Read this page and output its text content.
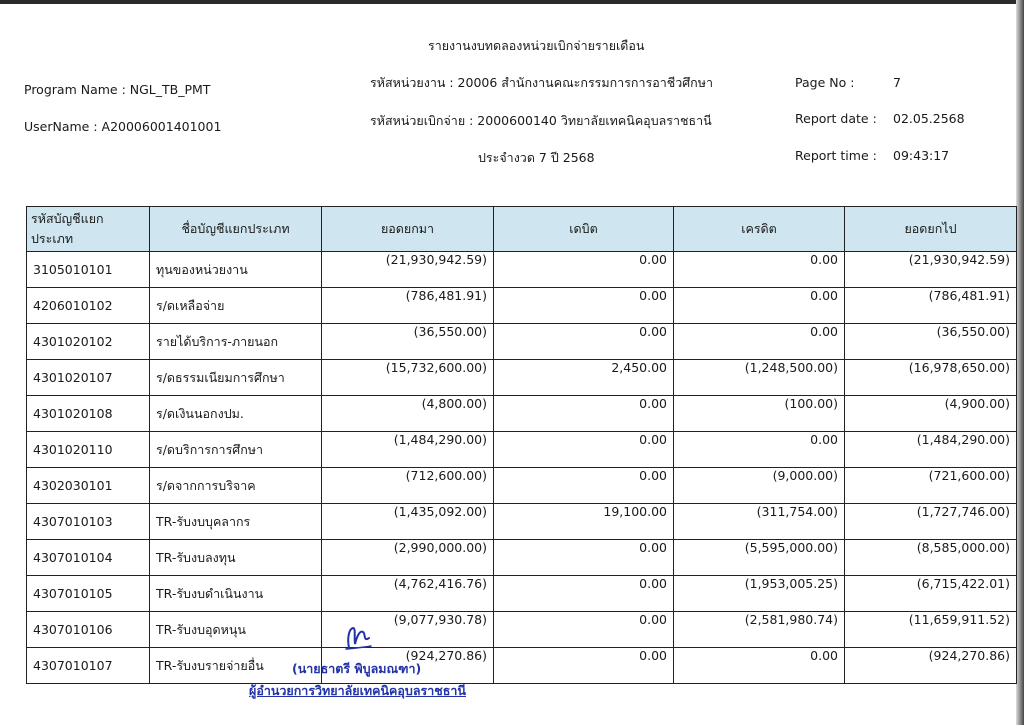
รายงานงบทดลองหน่วยเบิกจ่ายรายเดือน
Program Name : NGL_TB_PMT
UserName : A20006001401001
รหัสหน่วยงาน : 20006 สำนักงานคณะกรรมการการอาชีวศึกษา
รหัสหน่วยเบิกจ่าย : 2000600140 วิทยาลัยเทคนิคอุบลราชธานี
ประจำงวด 7 ปี 2568
Page No :	7
Report date : 02.05.2568
Report time : 09:43:17
รหัสบัญชีแยกประเภท	ชื่อบัญชีแยกประเภท	ยอดยกมา	เดบิต	เครดิต	ยอดยกไป
3105010101	ทุนของหน่วยงาน	(21,930,942.59)	0.00	0.00	(21,930,942.59)
4206010102	ร/ดเหลือจ่าย	(786,481.91)	0.00	0.00	(786,481.91)
4301020102	รายได้บริการ-ภายนอก	(36,550.00)	0.00	0.00	(36,550.00)
4301020107	ร/ดธรรมเนียมการศึกษา	(15,732,600.00)	2,450.00	(1,248,500.00)	(16,978,650.00)
4301020108	ร/ดเงินนอกงปม.	(4,800.00)	0.00	(100.00)	(4,900.00)
4301020110	ร/ดบริการการศึกษา	(1,484,290.00)	0.00	0.00	(1,484,290.00)
4302030101	ร/ดจากการบริจาค	(712,600.00)	0.00	(9,000.00)	(721,600.00)
4307010103	TR-รับงบบุคลากร	(1,435,092.00)	19,100.00	(311,754.00)	(1,727,746.00)
4307010104	TR-รับงบลงทุน	(2,990,000.00)	0.00	(5,595,000.00)	(8,585,000.00)
4307010105	TR-รับงบดำเนินงาน	(4,762,416.76)	0.00	(1,953,005.25)	(6,715,422.01)
4307010106	TR-รับงบอุดหนุน	(9,077,930.78)	0.00	(2,581,980.74)	(11,659,911.52)
4307010107	TR-รับงบรายจ่ายอื่น	(924,270.86)	0.00	0.00	(924,270.86)
(นายธาตรี พิบูลมณฑา)
ผู้อำนวยการวิทยาลัยเทคนิคอุบลราชธานี
